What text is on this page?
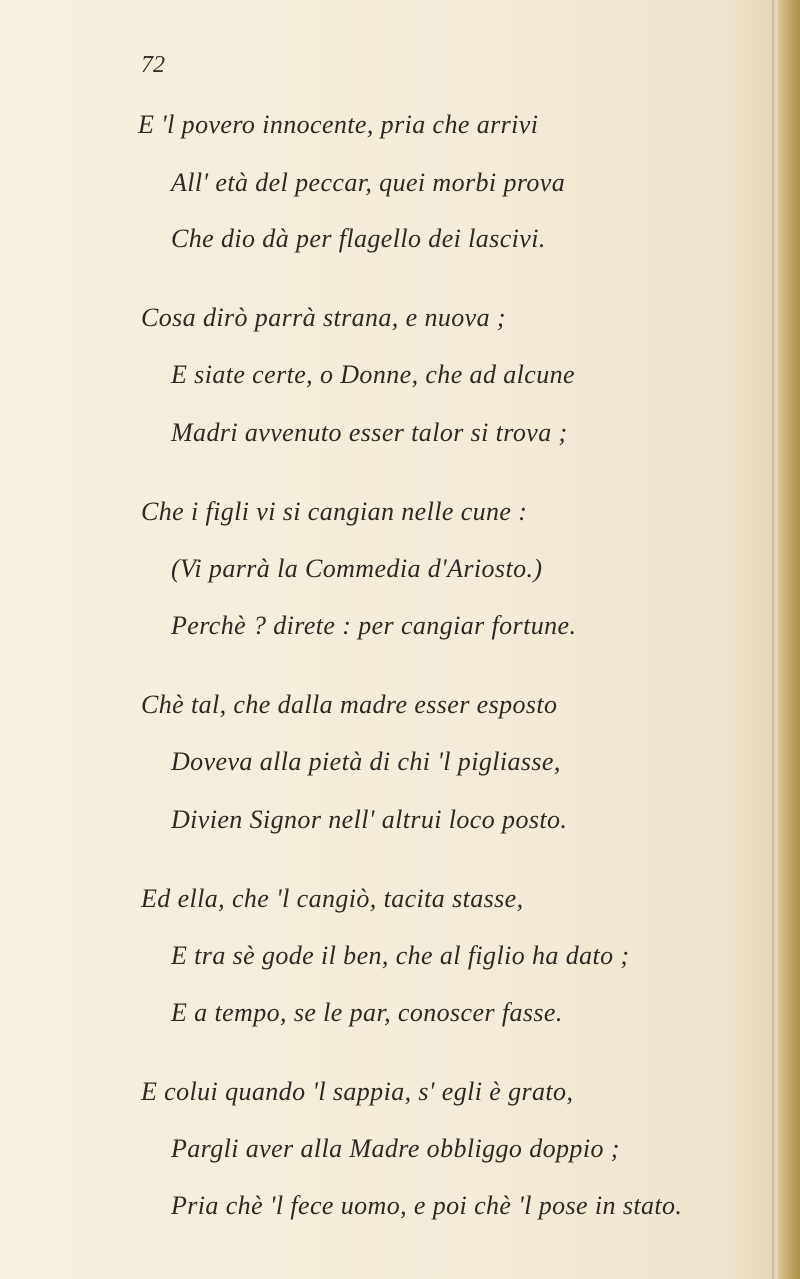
72
E 'l povero innocente, pria che arrivi
All' età del peccar, quei morbi prova
Che dio dà per flagello dei lascivi.
Cosa dirò parrà strana, e nuova ;
E siate certe, o Donne, che ad alcune
Madri avvenuto esser talor si trova ;
Che i figli vi si cangian nelle cune :
(Vi parrà la Commedia d'Ariosto.)
Perchè ? direte : per cangiar fortune.
Chè tal, che dalla madre esser esposto
Doveva alla pietà di chi 'l pigliasse,
Divien Signor nell' altrui loco posto.
Ed ella, che 'l cangiò, tacita stasse,
E tra sè gode il ben, che al figlio ha dato ;
E a tempo, se le par, conoscer fasse.
E colui quando 'l sappia, s' egli è grato,
Pargli aver alla Madre obbliggo doppio ;
Pria chè 'l fece uomo, e poi chè 'l pose in stato.
